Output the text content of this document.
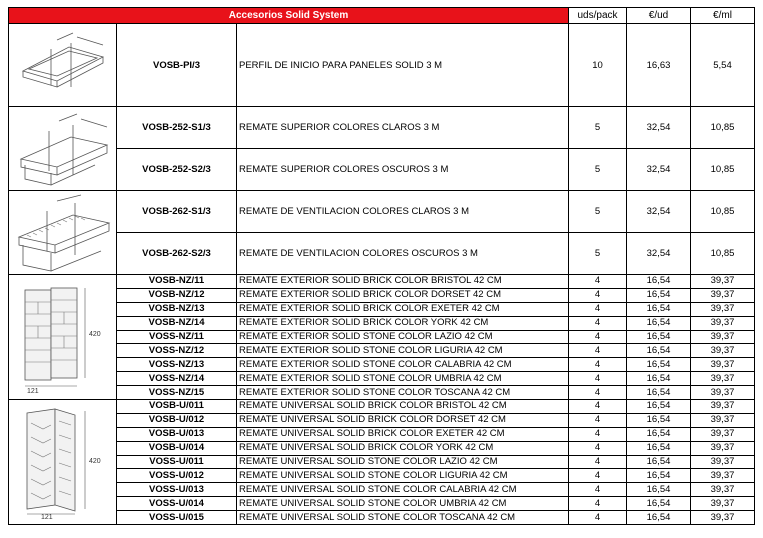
Accesorios Solid System			uds/pack	€/ud	€/ml

	VOSB-PI/3	PERFIL DE INICIO PARA PANELES SOLID 3 M	10	16,63	5,54

	VOSB-252-S1/3	REMATE SUPERIOR COLORES CLAROS 3 M	5	32,54	10,85
	VOSB-252-S2/3	REMATE SUPERIOR COLORES OSCUROS 3 M	5	32,54	10,85

	VOSB-262-S1/3	REMATE DE VENTILACION COLORES CLAROS 3 M	5	32,54	10,85
	VOSB-262-S2/3	REMATE DE VENTILACION COLORES OSCUROS 3 M	5	32,54	10,85

420
121	VOSB-NZ/11	REMATE EXTERIOR SOLID BRICK COLOR BRISTOL 42 CM	4	16,54	39,37
	VOSB-NZ/12	REMATE EXTERIOR SOLID BRICK COLOR DORSET 42 CM	4	16,54	39,37
	VOSB-NZ/13	REMATE EXTERIOR SOLID BRICK COLOR EXETER 42 CM	4	16,54	39,37
	VOSB-NZ/14	REMATE EXTERIOR SOLID BRICK COLOR YORK 42 CM	4	16,54	39,37
	VOSS-NZ/11	REMATE EXTERIOR SOLID STONE COLOR LAZIO 42 CM	4	16,54	39,37
	VOSS-NZ/12	REMATE EXTERIOR SOLID STONE COLOR LIGURIA 42 CM	4	16,54	39,37
	VOSS-NZ/13	REMATE EXTERIOR SOLID STONE COLOR CALABRIA 42 CM	4	16,54	39,37
	VOSS-NZ/14	REMATE EXTERIOR SOLID STONE COLOR UMBRIA 42 CM	4	16,54	39,37
	VOSS-NZ/15	REMATE EXTERIOR SOLID STONE COLOR TOSCANA 42 CM	4	16,54	39,37

420
121	VOSB-U/011	REMATE UNIVERSAL SOLID BRICK COLOR BRISTOL 42 CM	4	16,54	39,37
	VOSB-U/012	REMATE UNIVERSAL SOLID BRICK COLOR DORSET 42 CM	4	16,54	39,37
	VOSB-U/013	REMATE UNIVERSAL SOLID BRICK COLOR EXETER 42 CM	4	16,54	39,37
	VOSB-U/014	REMATE UNIVERSAL SOLID BRICK COLOR YORK 42 CM	4	16,54	39,37
	VOSS-U/011	REMATE UNIVERSAL SOLID STONE COLOR LAZIO 42 CM	4	16,54	39,37
	VOSS-U/012	REMATE UNIVERSAL SOLID STONE COLOR LIGURIA 42 CM	4	16,54	39,37
	VOSS-U/013	REMATE UNIVERSAL SOLID STONE COLOR CALABRIA 42 CM	4	16,54	39,37
	VOSS-U/014	REMATE UNIVERSAL SOLID STONE COLOR UMBRIA 42 CM	4	16,54	39,37
	VOSS-U/015	REMATE UNIVERSAL SOLID STONE COLOR TOSCANA 42 CM	4	16,54	39,37
